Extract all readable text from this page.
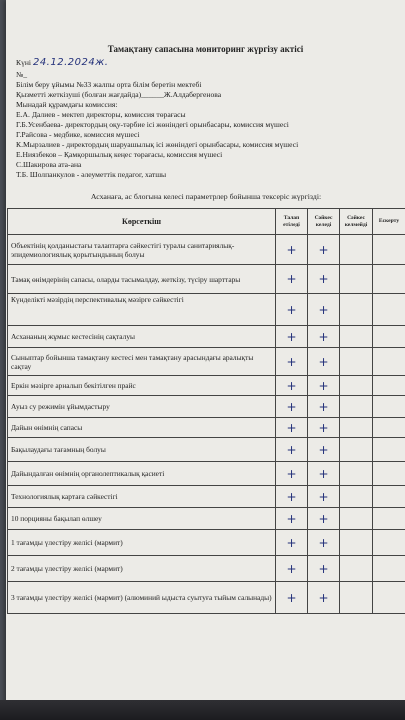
Тамақтану сапасына мониторинг жүргізу актісі
Күні 24.12.2024ж.
№_
Білім беру ұйымы №33 жалпы орта білім беретін мектебі
Қызметті жеткізуші (болған жағдайда)______Ж.Алдабергенова
Мынадай құрамдағы комиссия:
Е.А. Далиев - мектеп директоры, комиссия төрағасы
Г.Б.Усенбаева- директордың оқу-тәрбие ісі жөніндегі орынбасары, комиссия мүшесі
Г.Райсова - медбике, комиссия мүшесі
К.Мырзалиев - директордың шаруашылық ісі жөніндегі орынбасары, комиссия мүшесі
Е.Ниязбеков – Қамқоршылық кеңес төрағасы, комиссия мүшесі
С.Шакирова ата-ана
Т.Б. Шолпанкулов - әлеуметтік педагог, хатшы
Асханаға, ас блогына келесі параметрлер бойынша тексеріс жүргізді:
Көрсеткіш	Талап етіледі	Сәйкес келеді	Сәйкес келмейді	Ескерту
Объектінің қолданыстағы талаптарға сәйкестігі туралы санитариялық-эпидемиологиялық қорытындының болуы	+	+		
Тамақ өнімдерінің сапасы, оларды тасымалдау, жеткізу, түсіру шарттары	+	+		
Күнделікті мәзірдің перспективалық мәзірге сәйкестігі	+	+		
Асхананың жұмыс кестесінің сақталуы	+	+		
Сыныптар бойынша тамақтану кестесі мен тамақтану арасындағы аралықты сақтау	+	+		
Еркін мәзірге арналып бекітілген прайс	+	+		
Ауыз су режимін ұйымдастыру	+	+		
Дайын өнімнің сапасы	+	+		
Бақылаудағы тағамның болуы	+	+		
Дайындалған өнімнің органолептикалық қасиеті	+	+		
Технологиялық картаға сәйкестігі	+	+		
10 порцияны бақылап өлшеу	+	+		
1 тағамды үлестіру желісі (мармит)	+	+		
2 тағамды үлестіру желісі (мармит)	+	+		
3 тағамды үлестіру желісі (мармит) (алюминий ыдыста суытуға тыйым салынады)	+	+		
